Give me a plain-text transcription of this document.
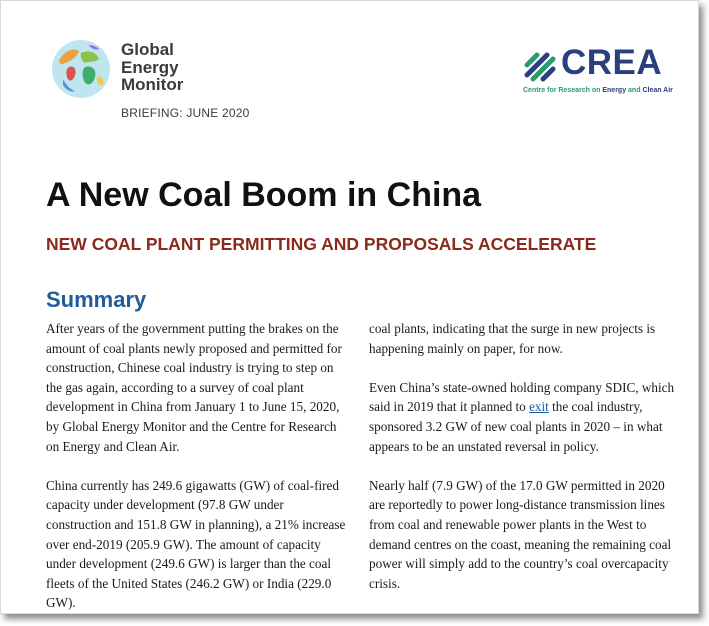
Global
Energy
Monitor
BRIEFING: JUNE 2020
CREA
Centre for Research on Energy and Clean Air
A New Coal Boom in China
NEW COAL PLANT PERMITTING AND PROPOSALS ACCELERATE
Summary

After years of the government putting the brakes on the amount of coal plants newly proposed and permitted for construction, Chinese coal industry is trying to step on the gas again, according to a survey of coal plant development in China from January 1 to June 15, 2020, by Global Energy Monitor and the Centre for Research on Energy and Clean Air.

China currently has 249.6 gigawatts (GW) of coal-fired capacity under development (97.8 GW under construction and 151.8 GW in planning), a 21% increase over end-2019 (205.9 GW). The amount of capacity under development (249.6 GW) is larger than the coal fleets of the United States (246.2 GW) or India (229.0 GW).

coal plants, indicating that the surge in new projects is happening mainly on paper, for now.

Even China’s state-owned holding company SDIC, which said in 2019 that it planned to exit the coal industry, sponsored 3.2 GW of new coal plants in 2020 – in what appears to be an unstated reversal in policy.

Nearly half (7.9 GW) of the 17.0 GW permitted in 2020 are reportedly to power long-distance transmission lines from coal and renewable power plants in the West to demand centres on the coast, meaning the remaining coal power will simply add to the country’s coal overcapacity crisis.
